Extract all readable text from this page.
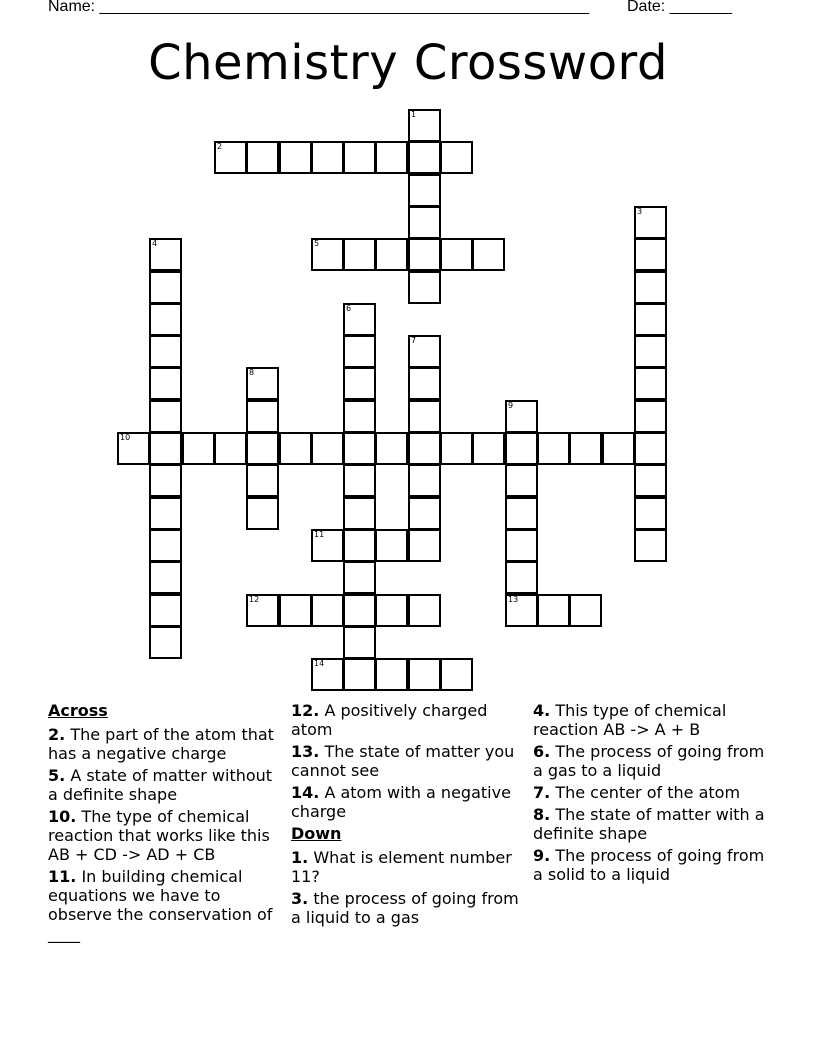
Name: _______________________________________________________ Date: _______
Chemistry Crossword
1
2
3
4	5
6
7
8
9
13
10
11
12
14
Across
2. The part of the atom that has a negative charge
5. A state of matter without a definite shape
10. The type of chemical reaction that works like this AB + CD -> AD + CB
11. In building chemical equations we have to observe the conservation of ____
12. A positively charged atom
13. The state of matter you cannot see
14. A atom with a negative charge
Down
1. What is element number 11?
3. the process of going from a liquid to a gas
4. This type of chemical reaction AB -> A + B
6. The process of going from a gas to a liquid
7. The center of the atom
8. The state of matter with a definite shape
9. The process of going from a solid to a liquid
